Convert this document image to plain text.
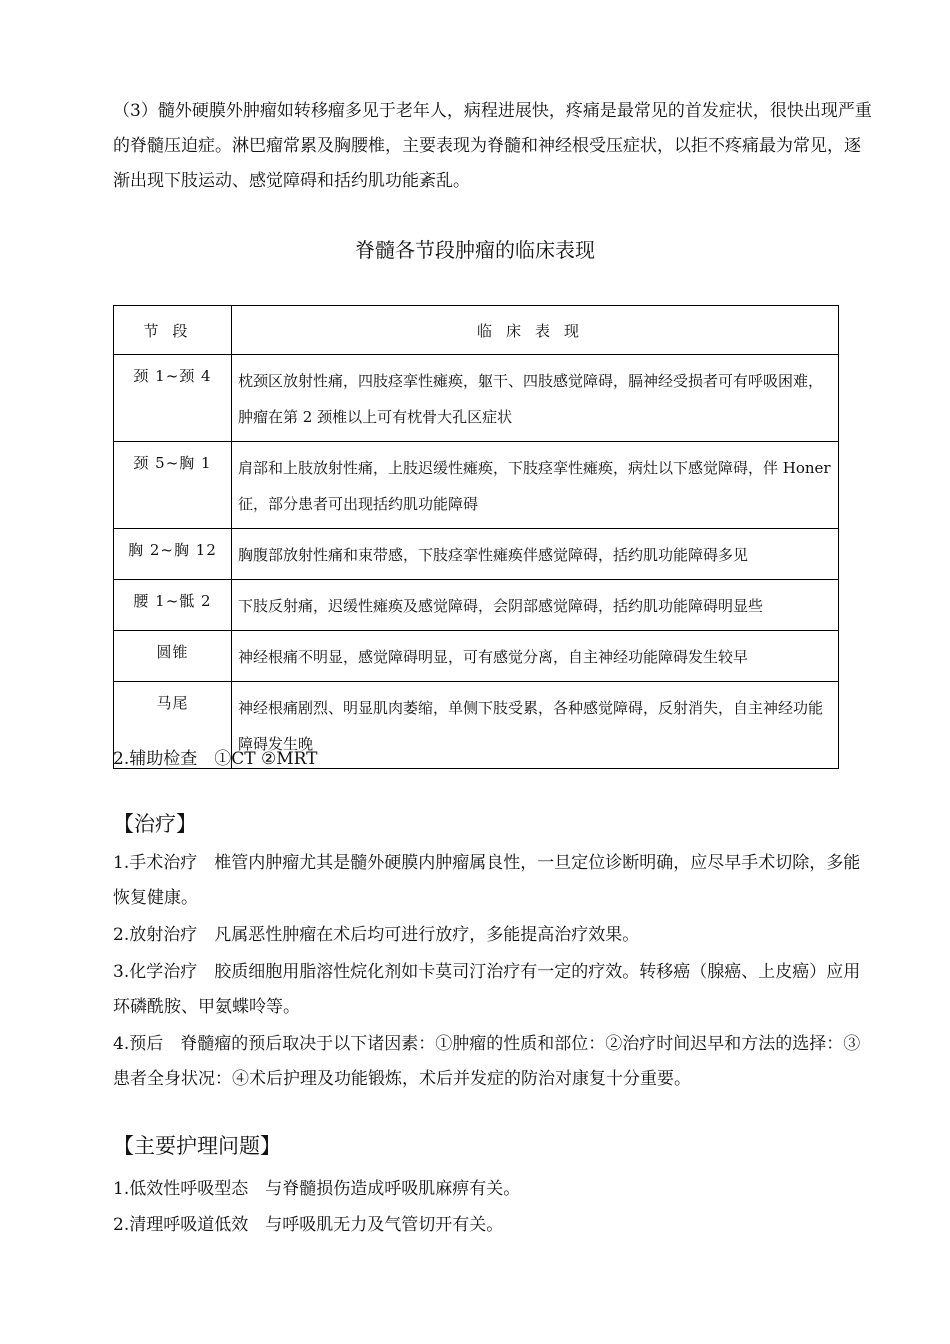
（3）髓外硬膜外肿瘤如转移瘤多见于老年人，病程进展快，疼痛是最常见的首发症状，很快出现严重的脊髓压迫症。淋巴瘤常累及胸腰椎，主要表现为脊髓和神经根受压症状，以拒不疼痛最为常见，逐渐出现下肢运动、感觉障碍和括约肌功能紊乱。

脊髓各节段肿瘤的临床表现

节段	临床表现
颈 1~颈 4	枕颈区放射性痛，四肢痉挛性瘫痪，躯干、四肢感觉障碍，膈神经受损者可有呼吸困难，肿瘤在第 2 颈椎以上可有枕骨大孔区症状
颈 5~胸 1	肩部和上肢放射性痛，上肢迟缓性瘫痪，下肢痉挛性瘫痪，病灶以下感觉障碍，伴 Honer 征，部分患者可出现括约肌功能障碍
胸 2~胸 12	胸腹部放射性痛和束带感，下肢痉挛性瘫痪伴感觉障碍，括约肌功能障碍多见
腰 1~骶 2	下肢反射痛，迟缓性瘫痪及感觉障碍，会阴部感觉障碍，括约肌功能障碍明显些
圆锥	神经根痛不明显，感觉障碍明显，可有感觉分离，自主神经功能障碍发生较早
马尾	神经根痛剧烈、明显肌肉萎缩，单侧下肢受累，各种感觉障碍，反射消失，自主神经功能障碍发生晚

2.辅助检查　①CT ②MRT

【治疗】

1.手术治疗　椎管内肿瘤尤其是髓外硬膜内肿瘤属良性，一旦定位诊断明确，应尽早手术切除，多能恢复健康。

2.放射治疗　凡属恶性肿瘤在术后均可进行放疗，多能提高治疗效果。

3.化学治疗　胶质细胞用脂溶性烷化剂如卡莫司汀治疗有一定的疗效。转移癌（腺癌、上皮癌）应用环磷酰胺、甲氨蝶呤等。

4.预后　脊髓瘤的预后取决于以下诸因素：①肿瘤的性质和部位：②治疗时间迟早和方法的选择：③患者全身状况：④术后护理及功能锻炼，术后并发症的防治对康复十分重要。

【主要护理问题】

1.低效性呼吸型态　与脊髓损伤造成呼吸肌麻痹有关。

2.清理呼吸道低效　与呼吸肌无力及气管切开有关。
